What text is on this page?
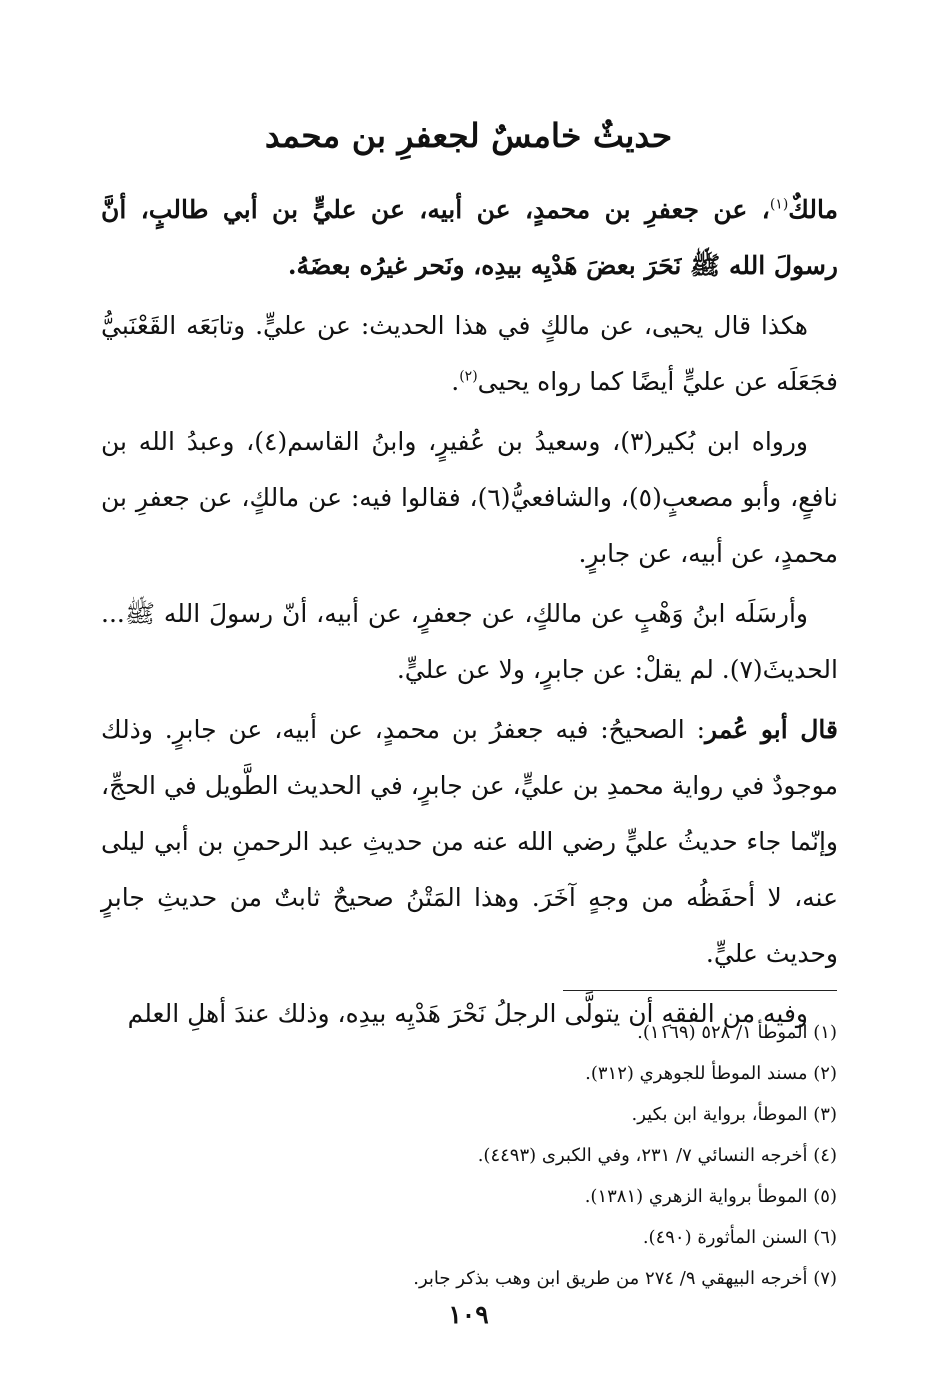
حديثٌ خامسٌ لجعفرِ بن محمد

مالكٌ$^{(١)}$، عن جعفرِ بن محمدٍ، عن أبيه، عن عليٍّ بن أبي طالبٍ، أنَّ رسولَ الله ﷺ نَحَرَ بعضَ هَدْيِه بيدِه، ونَحر غيرُه بعضَهُ.

هكذا قال يحيى، عن مالكٍ في هذا الحديث: عن عليٍّ. وتابَعَه القَعْنَبيُّ فجَعَلَه عن عليٍّ أيضًا كما رواه يحيى$^{(٢)}$.

ورواه ابن بُكير(٣)، وسعيدُ بن عُفيرٍ، وابنُ القاسم(٤)، وعبدُ الله بن نافعٍ، وأبو مصعبٍ(٥)، والشافعيُّ(٦)، فقالوا فيه: عن مالكٍ، عن جعفرِ بن محمدٍ، عن أبيه، عن جابرٍ.

وأرسَلَه ابنُ وَهْبٍ عن مالكٍ، عن جعفرٍ، عن أبيه، أنّ رسولَ الله ﷺ... الحديثَ(٧). لم يقلْ: عن جابرٍ، ولا عن عليٍّ.

قال أبو عُمر: الصحيحُ: فيه جعفرُ بن محمدٍ، عن أبيه، عن جابرٍ. وذلك موجودٌ في رواية محمدِ بن عليٍّ، عن جابرٍ، في الحديث الطَّويل في الحجِّ، وإنّما جاء حديثُ عليٍّ رضي الله عنه من حديثِ عبد الرحمنِ بن أبي ليلى عنه، لا أحفَظُه من وجهٍ آخَرَ. وهذا المَتْنُ صحيحٌ ثابتٌ من حديثِ جابرٍ وحديث عليٍّ.

وفيه من الفقهِ أن يتولَّى الرجلُ نَحْرَ هَدْيِه بيدِه، وذلك عندَ أهلِ العلم

(١) الموطأ ١/ ٥٢٨ (١١٦٩).

(٢) مسند الموطأ للجوهري (٣١٢).

(٣) الموطأ، برواية ابن بكير.

(٤) أخرجه النسائي ٧/ ٢٣١، وفي الكبرى (٤٤٩٣).

(٥) الموطأ برواية الزهري (١٣٨١).

(٦) السنن المأثورة (٤٩٠).

(٧) أخرجه البيهقي ٩/ ٢٧٤ من طريق ابن وهب بذكر جابر.

١٠٩
